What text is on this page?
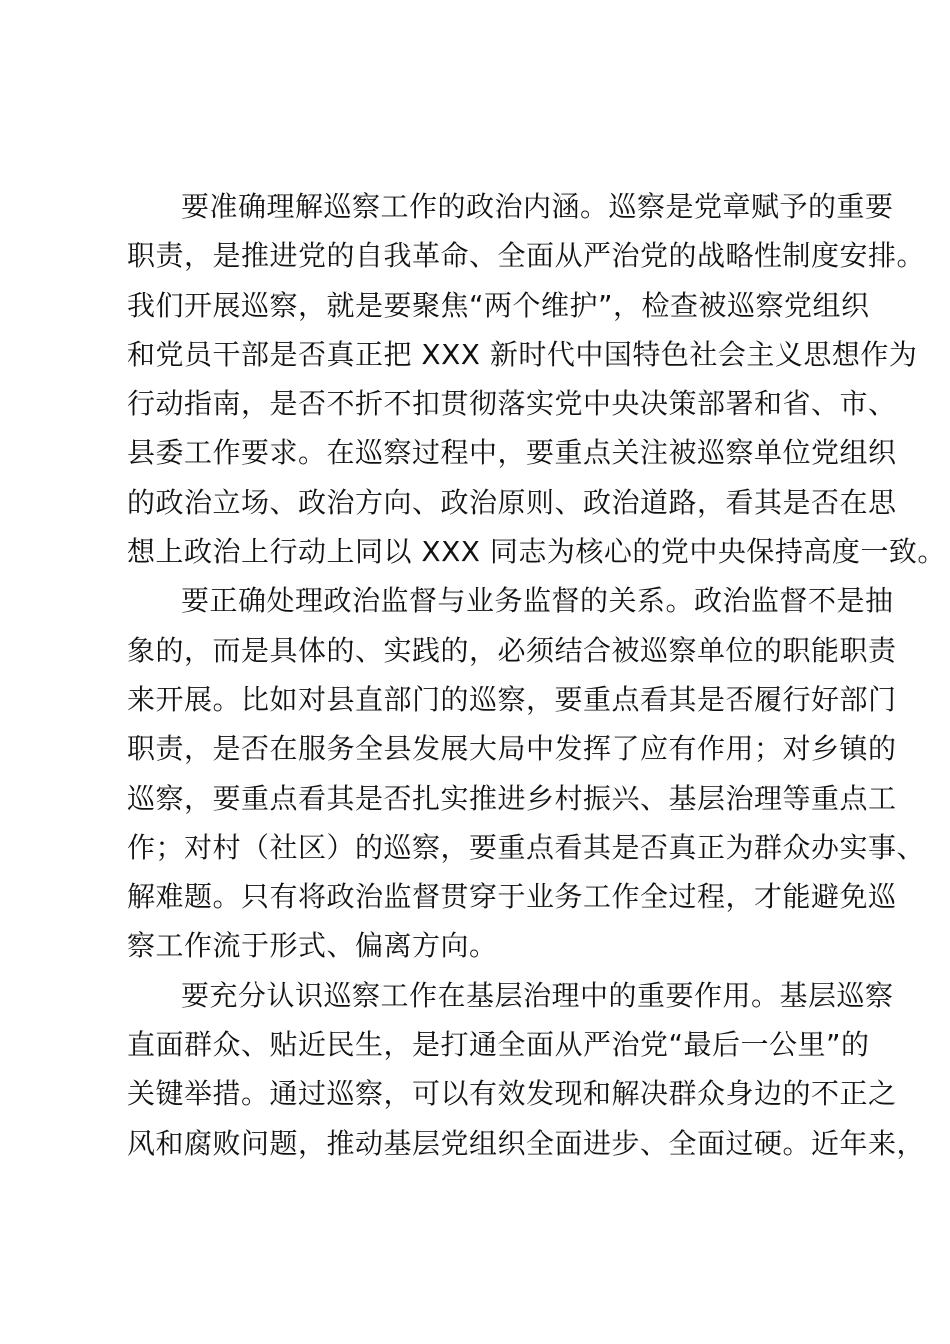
要准确理解巡察工作的政治内涵。巡察是党章赋予的重要
职责，是推进党的自我革命、全面从严治党的战略性制度安排。
我们开展巡察，就是要聚焦“两个维护”，检查被巡察党组织
和党员干部是否真正把 XXX 新时代中国特色社会主义思想作为
行动指南，是否不折不扣贯彻落实党中央决策部署和省、市、
县委工作要求。在巡察过程中，要重点关注被巡察单位党组织
的政治立场、政治方向、政治原则、政治道路，看其是否在思
想上政治上行动上同以 XXX 同志为核心的党中央保持高度一致。
要正确处理政治监督与业务监督的关系。政治监督不是抽
象的，而是具体的、实践的，必须结合被巡察单位的职能职责
来开展。比如对县直部门的巡察，要重点看其是否履行好部门
职责，是否在服务全县发展大局中发挥了应有作用；对乡镇的
巡察，要重点看其是否扎实推进乡村振兴、基层治理等重点工
作；对村（社区）的巡察，要重点看其是否真正为群众办实事、
解难题。只有将政治监督贯穿于业务工作全过程，才能避免巡
察工作流于形式、偏离方向。
要充分认识巡察工作在基层治理中的重要作用。基层巡察
直面群众、贴近民生，是打通全面从严治党“最后一公里”的
关键举措。通过巡察，可以有效发现和解决群众身边的不正之
风和腐败问题，推动基层党组织全面进步、全面过硬。近年来，
